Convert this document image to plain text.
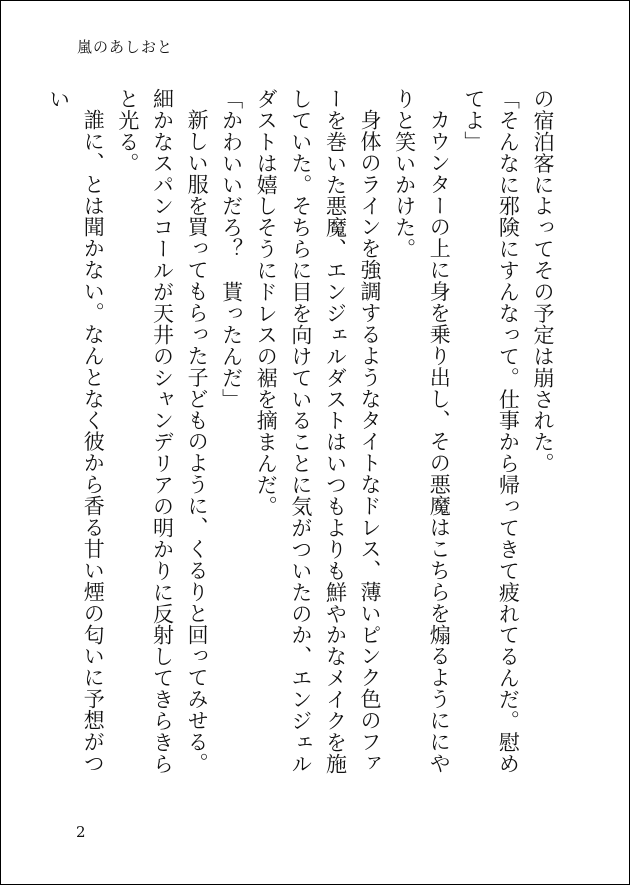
嵐のあしおと

の宿泊客によってその予定は崩された。

「そんなに邪険にすんなって。仕事から帰ってきて疲れてるんだ。慰めてよ」

カウンターの上に身を乗り出し、その悪魔はこちらを煽るようににやりと笑いかけた。

身体のラインを強調するようなタイトなドレス、薄いピンク色のファーを巻いた悪魔、エンジェルダストはいつもよりも鮮やかなメイクを施していた。そちらに目を向けていることに気がついたのか、エンジェルダストは嬉しそうにドレスの裾を摘まんだ。

「かわいいだろ？　貰ったんだ」

新しい服を買ってもらった子どものように、くるりと回ってみせる。細かなスパンコールが天井のシャンデリアの明かりに反射してきらきらと光る。

誰に、とは聞かない。なんとなく彼から香る甘い煙の匂いに予想がつい

2
